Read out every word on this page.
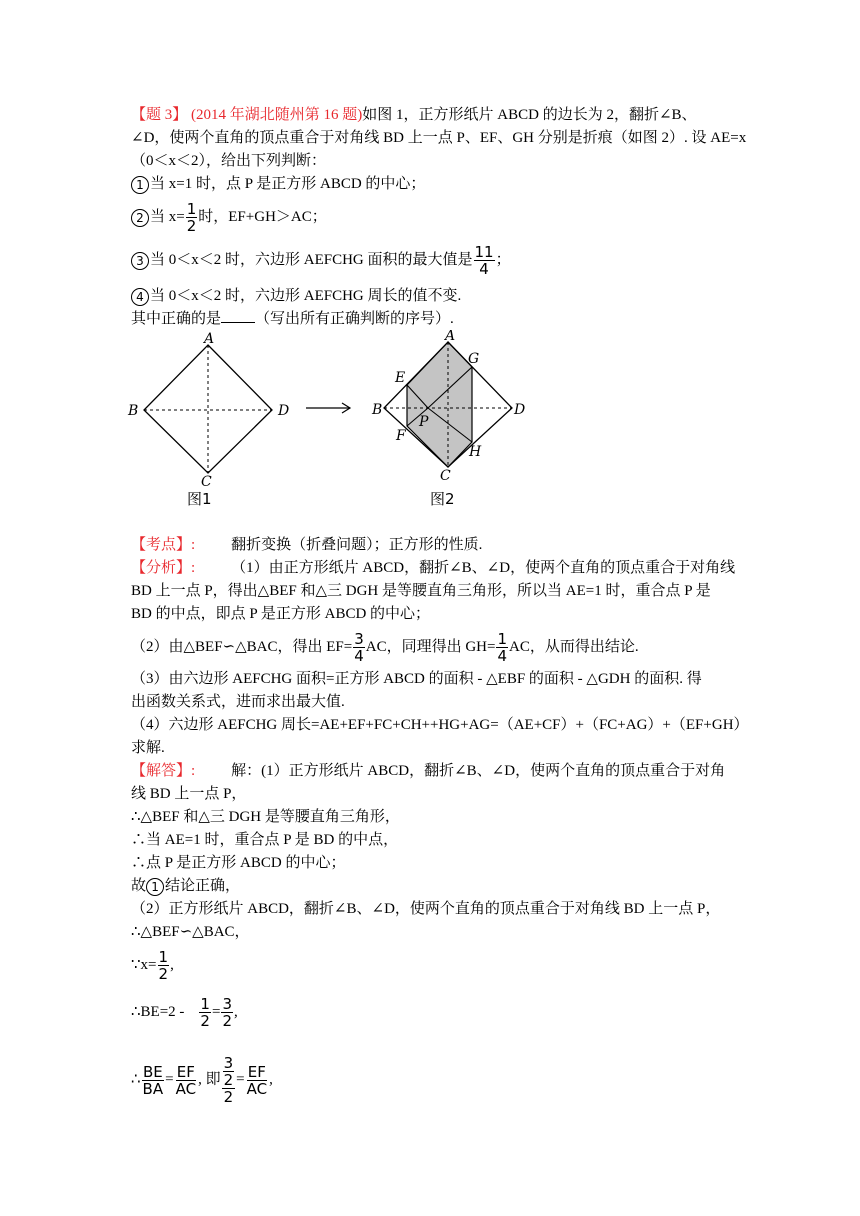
【题 3】 (2014 年湖北随州第 16 题)如图 1，正方形纸片 ABCD 的边长为 2，翻折∠B、
∠D，使两个直角的顶点重合于对角线 BD 上一点 P、EF、GH 分别是折痕（如图 2）. 设 AE=x
（0＜x＜2），给出下列判断：
1 当 x=1 时，点 P 是正方形 ABCD 的中心；
2 当 $x= \frac{1}{2}$ 时，EF+GH＞AC；
3 当 0＜x＜2 时，六边形 AEFCHG 面积的最大值是 $\frac{11}{4}$ ；
4 当 0＜x＜2 时，六边形 AEFCHG 周长的值不变.
其中正确的是 （写出所有正确判断的序号）.
A
B
C
D
图1
A
B
C
D
E
F
G
H
P
图2
【考点】: 翻折变换（折叠问题）；正方形的性质.
【分析】: （1）由正方形纸片 ABCD，翻折∠B、∠D，使两个直角的顶点重合于对角线
BD 上一点 P，得出△BEF 和△三 DGH 是等腰直角三角形，所以当 AE=1 时，重合点 P 是
BD 的中点，即点 P 是正方形 ABCD 的中心；
（2）由△BEF∽△BAC，得出 $EF= \frac{3}{4}$ AC，同理得出 $GH= \frac{1}{4}$ AC，从而得出结论.
（3）由六边形 AEFCHG 面积=正方形 ABCD 的面积 - △EBF 的面积 - △GDH 的面积. 得
出函数关系式，进而求出最大值.
（4）六边形 AEFCHG 周长=AE+EF+FC+CH++HG+AG=（AE+CF）+（FC+AG）+（EF+GH）
求解.
【解答】: 解：(1）正方形纸片 ABCD，翻折∠B、∠D，使两个直角的顶点重合于对角
线 BD 上一点 P，
∴△BEF 和△三 DGH 是等腰直角三角形，
∴当 AE=1 时，重合点 P 是 BD 的中点，
∴点 P 是正方形 ABCD 的中心；
故 1 结论正确，
（2）正方形纸片 ABCD，翻折∠B、∠D，使两个直角的顶点重合于对角线 BD 上一点 P，
∴△BEF∽△BAC，
∵x= $\frac{1}{2}$ ,
∴BE=2 - $\frac{1}{2} = \frac{3}{2}$ ,
∴ $\frac{BE}{BA} = \frac{EF}{AC}$ , 即 $\frac{\frac{3}{2}}{2} = \frac{EF}{AC}$ ,
